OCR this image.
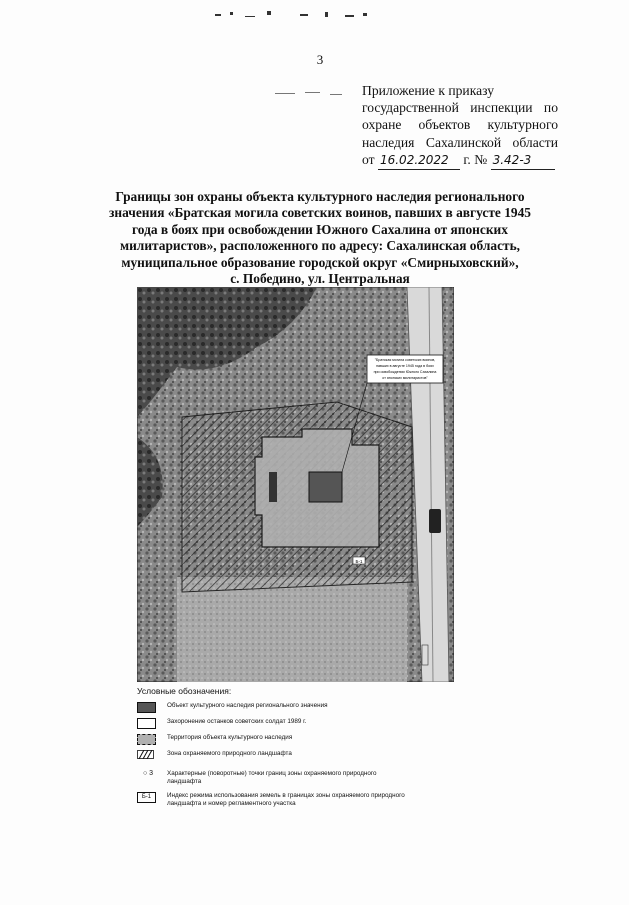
3
Приложение к приказу
государственной инспекции по
охране объектов культурного
наследия Сахалинской области
от 16.02.2022 г. № 3.42-3
Границы зон охраны объекта культурного наследия регионального
значения «Братская могила советских воинов, павших в августе 1945
года в боях при освобождении Южного Сахалина от японских
милитаристов», расположенного по адресу: Сахалинская область,
муниципальное образование городской округ «Смирныховский»,
с. Победино, ул. Центральная
"Братская могила советских воинов,
павших в августе 1945 года в боях
при освобождении Южного Сахалина
от японских милитаристов"
Б-1
Условные обозначения:
Объект культурного наследия регионального значения
Захоронение останков советских солдат 1989 г.
Территория объекта культурного наследия
Зона охраняемого природного ландшафта
○ 3	Характерные (поворотные) точки границ зоны охраняемого природного ландшафта
Б-1	Индекс режима использования земель в границах зоны охраняемого природного ландшафта и номер регламентного участка
